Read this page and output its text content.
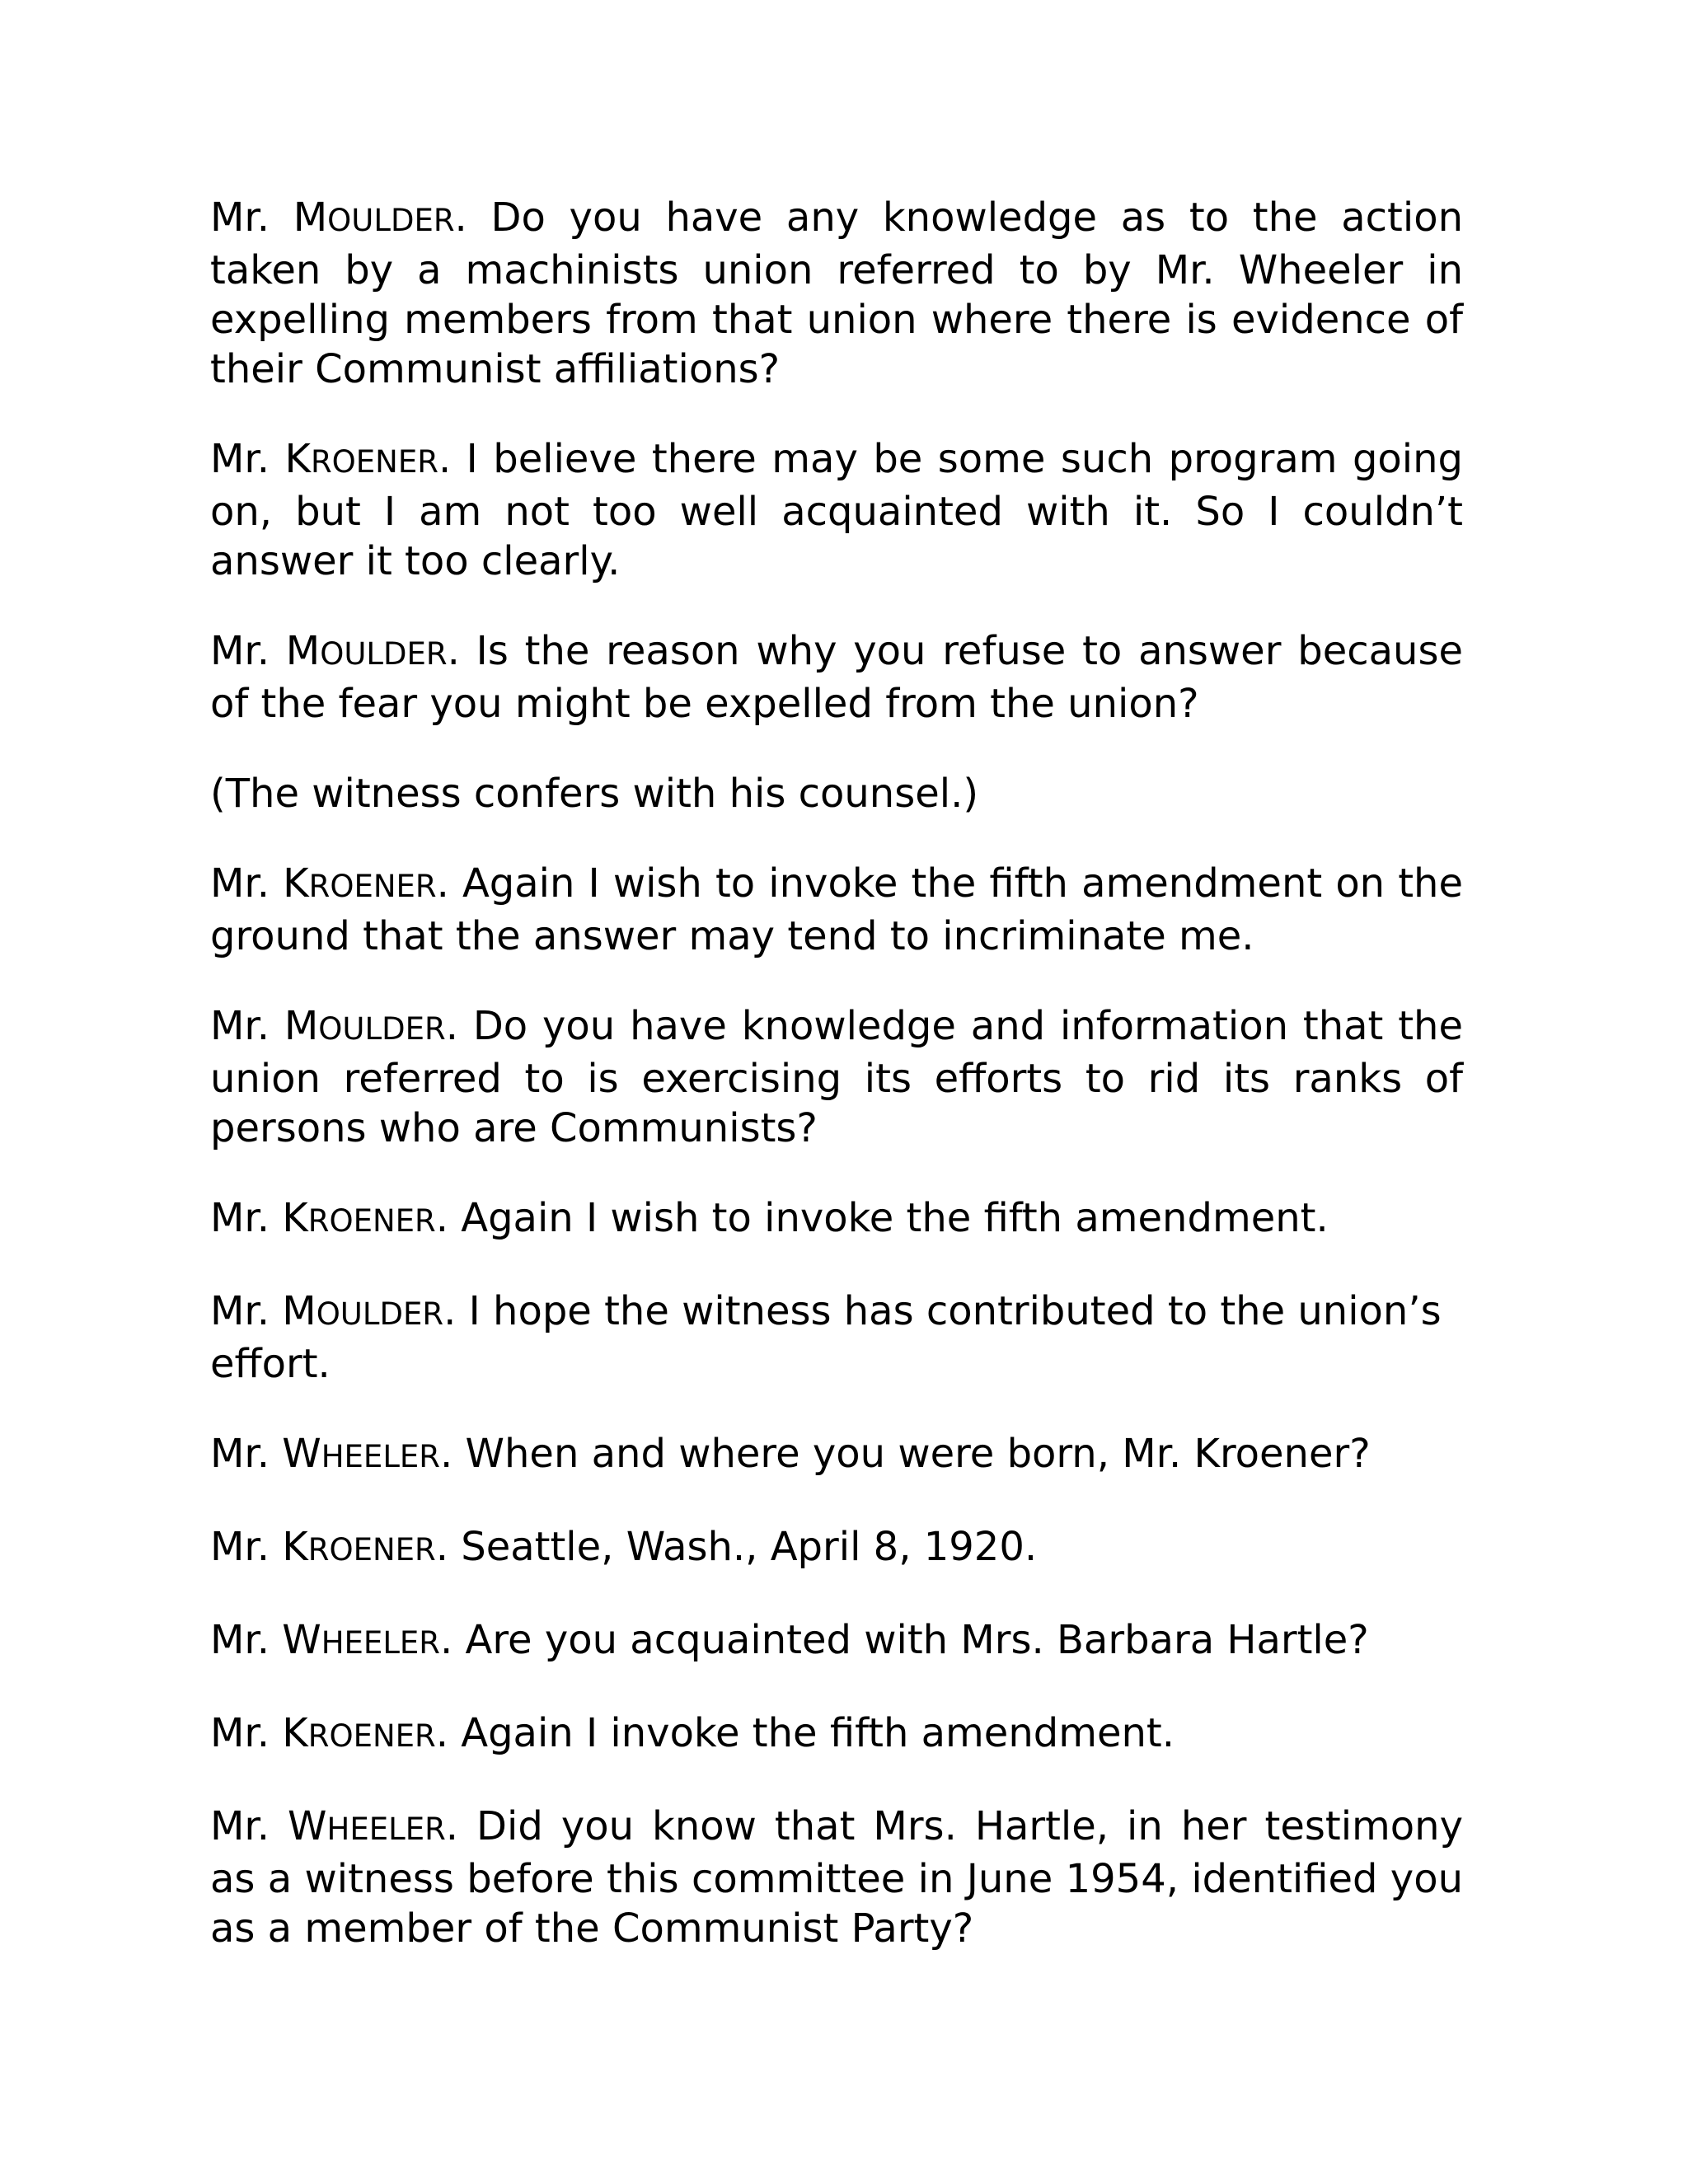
Mr. MOULDER. Do you have any knowledge as to the action taken by a machinists union referred to by Mr. Wheeler in expelling members from that union where there is evidence of their Communist affiliations?

Mr. KROENER. I believe there may be some such program going on, but I am not too well acquainted with it. So I couldn’t answer it too clearly.

Mr. MOULDER. Is the reason why you refuse to answer because of the fear you might be expelled from the union?

(The witness confers with his counsel.)

Mr. KROENER. Again I wish to invoke the fifth amendment on the ground that the answer may tend to incriminate me.

Mr. MOULDER. Do you have knowledge and information that the union referred to is exercising its efforts to rid its ranks of persons who are Communists?

Mr. KROENER. Again I wish to invoke the fifth amendment.

Mr. MOULDER. I hope the witness has contributed to the union’s effort.

Mr. WHEELER. When and where you were born, Mr. Kroener?

Mr. KROENER. Seattle, Wash., April 8, 1920.

Mr. WHEELER. Are you acquainted with Mrs. Barbara Hartle?

Mr. KROENER. Again I invoke the fifth amendment.

Mr. WHEELER. Did you know that Mrs. Hartle, in her testimony as a witness before this committee in June 1954, identified you as a member of the Communist Party?
